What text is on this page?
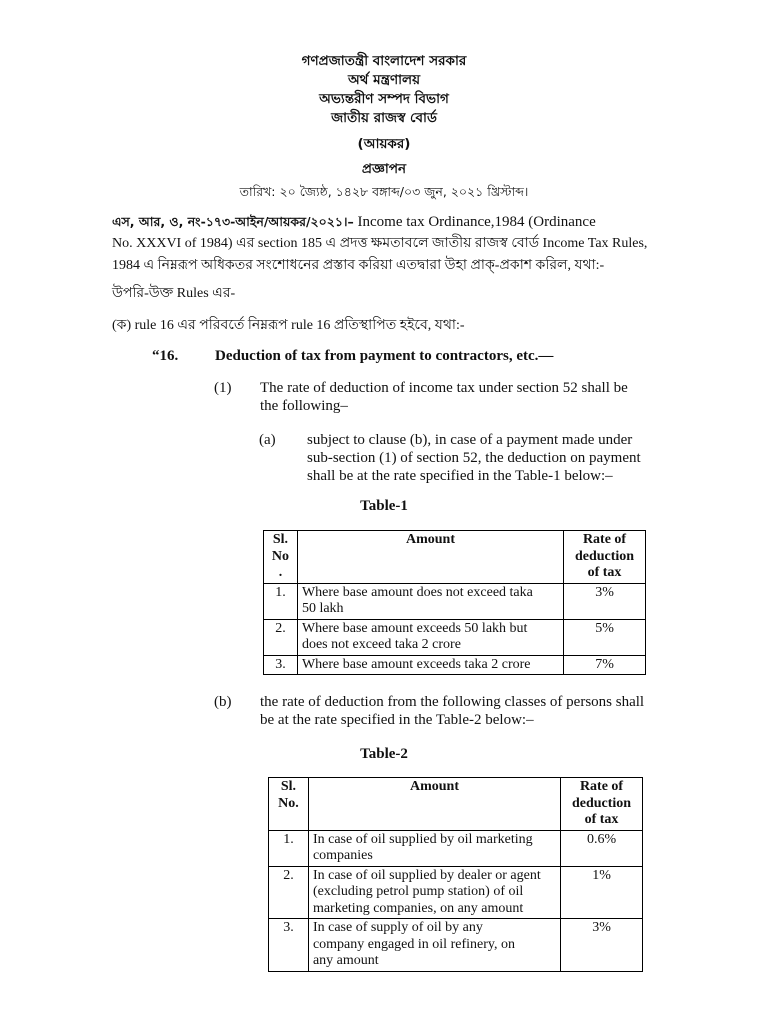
গণপ্রজাতন্ত্রী বাংলাদেশ সরকার
অর্থ মন্ত্রণালয়
অভ্যন্তরীণ সম্পদ বিভাগ
জাতীয় রাজস্ব বোর্ড
(আয়কর)
প্রজ্ঞাপন
তারিখ: ২০ জ্যৈষ্ঠ, ১৪২৮ বঙ্গাব্দ/০৩ জুন, ২০২১ খ্রিস্টাব্দ।
এস, আর, ও, নং-১৭৩-আইন/আয়কর/২০২১।– Income tax Ordinance,1984 (Ordinance
No. XXXVI of 1984) এর section 185 এ প্রদত্ত ক্ষমতাবলে জাতীয় রাজস্ব বোর্ড Income Tax Rules,
1984 এ নিম্নরূপ অধিকতর সংশোধনের প্রস্তাব করিয়া এতদ্বারা উহা প্রাক্-প্রকাশ করিল, যথা:-
উপরি-উক্ত Rules এর-
(ক) rule 16 এর পরিবর্তে নিম্নরূপ rule 16 প্রতিস্থাপিত হইবে, যথা:-
“16. Deduction of tax from payment to contractors, etc.—
(1) The rate of deduction of income tax under section 52 shall be
the following–
(a) subject to clause (b), in case of a payment made under
sub-section (1) of section 52, the deduction on payment
shall be at the rate specified in the Table-1 below:–
Table-1
Sl.
No
.	Amount	Rate of
deduction
of tax
1.	Where base amount does not exceed taka
50 lakh	3%
2.	Where base amount exceeds 50 lakh but
does not exceed taka 2 crore	5%
3.	Where base amount exceeds taka 2 crore	7%
(b) the rate of deduction from the following classes of persons shall
be at the rate specified in the Table-2 below:–
Table-2
Sl.
No.	Amount	Rate of
deduction
of tax
1.	In case of oil supplied by oil marketing
companies	0.6%
2.	In case of oil supplied by dealer or agent
(excluding petrol pump station) of oil
marketing companies, on any amount	1%
3.	In case of supply of oil by any
company engaged in oil refinery, on
any amount	3%
